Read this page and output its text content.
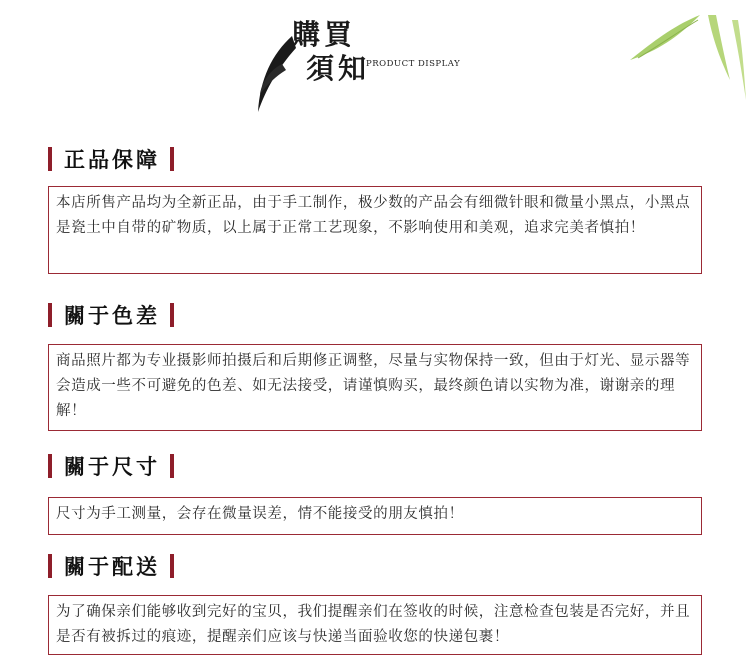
購買
須知
PRODUCT DISPLAY
正品保障
本店所售产品均为全新正品，由于手工制作，极少数的产品会有细微针眼和微量小黑点，小黑点是瓷土中自带的矿物质，以上属于正常工艺现象，不影响使用和美观，追求完美者慎拍！
關于色差
商品照片都为专业摄影师拍摄后和后期修正调整，尽量与实物保持一致，但由于灯光、显示器等会造成一些不可避免的色差、如无法接受，请谨慎购买，最终颜色请以实物为准，谢谢亲的理解！
關于尺寸
尺寸为手工测量，会存在微量误差，情不能接受的朋友慎拍！
關于配送
为了确保亲们能够收到完好的宝贝，我们提醒亲们在签收的时候，注意检查包装是否完好，并且是否有被拆过的痕迹，提醒亲们应该与快递当面验收您的快递包裹！
